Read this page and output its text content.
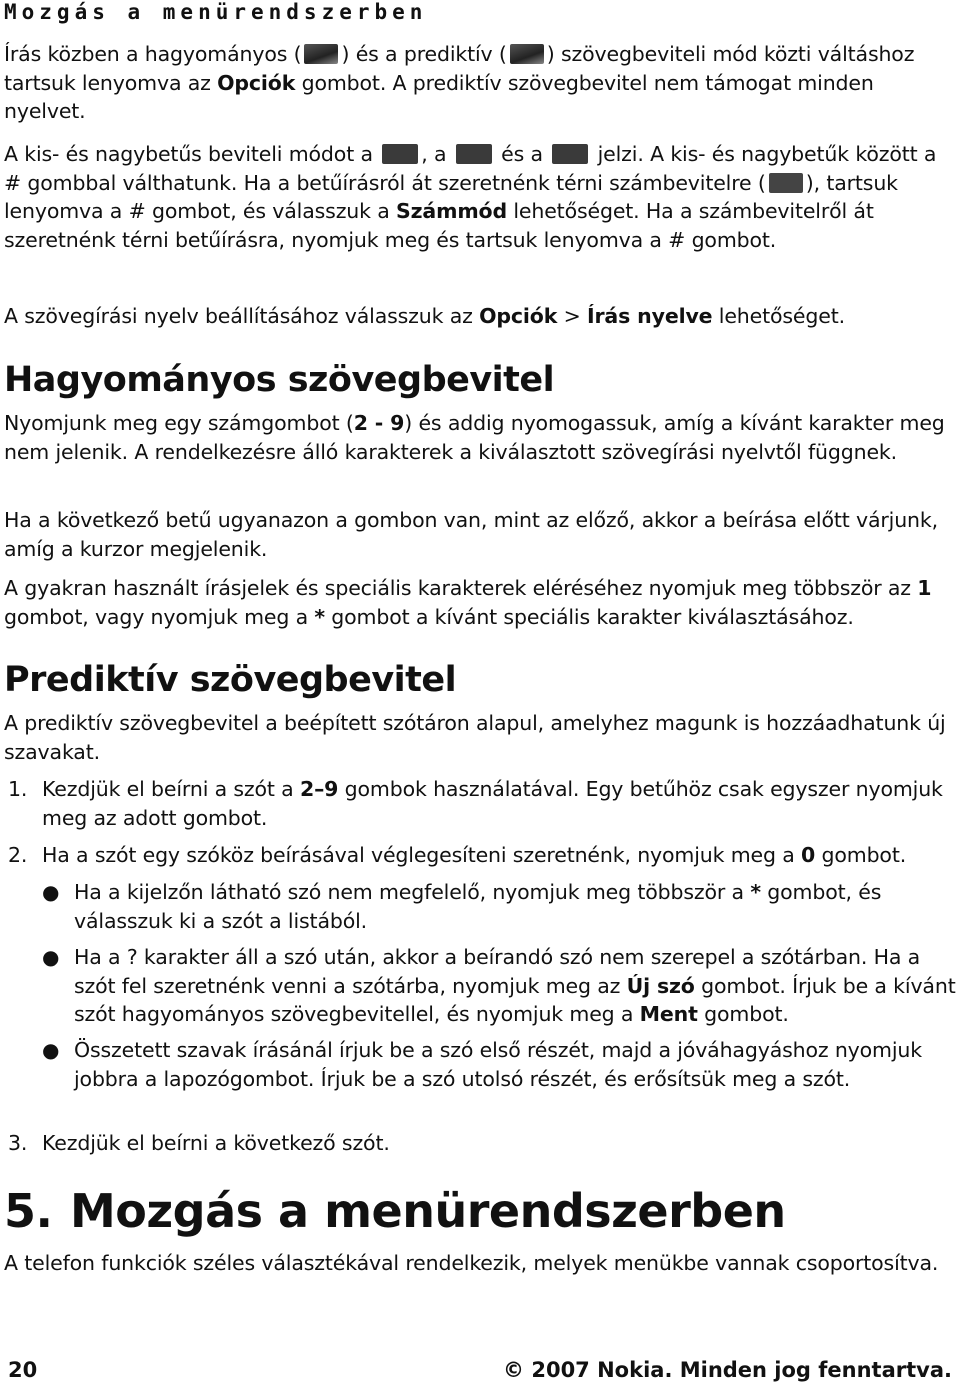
Mozgás a menürendszerben
Írás közben a hagyományos ( ) és a prediktív ( ) szövegbeviteli mód közti váltáshoz tartsuk lenyomva az Opciók gombot. A prediktív szövegbevitel nem támogat minden nyelvet.
A kis- és nagybetűs beviteli módot a , a  és a  jelzi. A kis- és nagybetűk között a # gombbal válthatunk. Ha a betűírásról át szeretnénk térni számbevitelre ( ), tartsuk lenyomva a # gombot, és válasszuk a Számmód lehetőséget. Ha a számbevitelről át szeretnénk térni betűírásra, nyomjuk meg és tartsuk lenyomva a # gombot.
A szövegírási nyelv beállításához válasszuk az Opciók > Írás nyelve lehetőséget.
Hagyományos szövegbevitel
Nyomjunk meg egy számgombot (2 - 9) és addig nyomogassuk, amíg a kívánt karakter meg nem jelenik. A rendelkezésre álló karakterek a kiválasztott szövegírási nyelvtől függnek.
Ha a következő betű ugyanazon a gombon van, mint az előző, akkor a beírása előtt várjunk, amíg a kurzor megjelenik.
A gyakran használt írásjelek és speciális karakterek eléréséhez nyomjuk meg többször az 1 gombot, vagy nyomjuk meg a * gombot a kívánt speciális karakter kiválasztásához.
Prediktív szövegbevitel
A prediktív szövegbevitel a beépített szótáron alapul, amelyhez magunk is hozzáadhatunk új szavakat.
1. Kezdjük el beírni a szót a 2–9 gombok használatával. Egy betűhöz csak egyszer nyomjuk meg az adott gombot.
2. Ha a szót egy szóköz beírásával véglegesíteni szeretnénk, nyomjuk meg a 0 gombot.
● Ha a kijelzőn látható szó nem megfelelő, nyomjuk meg többször a * gombot, és válasszuk ki a szót a listából.
● Ha a ? karakter áll a szó után, akkor a beírandó szó nem szerepel a szótárban. Ha a szót fel szeretnénk venni a szótárba, nyomjuk meg az Új szó gombot. Írjuk be a kívánt szót hagyományos szövegbevitellel, és nyomjuk meg a Ment gombot.
● Összetett szavak írásánál írjuk be a szó első részét, majd a jóváhagyáshoz nyomjuk jobbra a lapozógombot. Írjuk be a szó utolsó részét, és erősítsük meg a szót.
3. Kezdjük el beírni a következő szót.
5. Mozgás a menürendszerben
A telefon funkciók széles választékával rendelkezik, melyek menükbe vannak csoportosítva.
20	© 2007 Nokia. Minden jog fenntartva.
